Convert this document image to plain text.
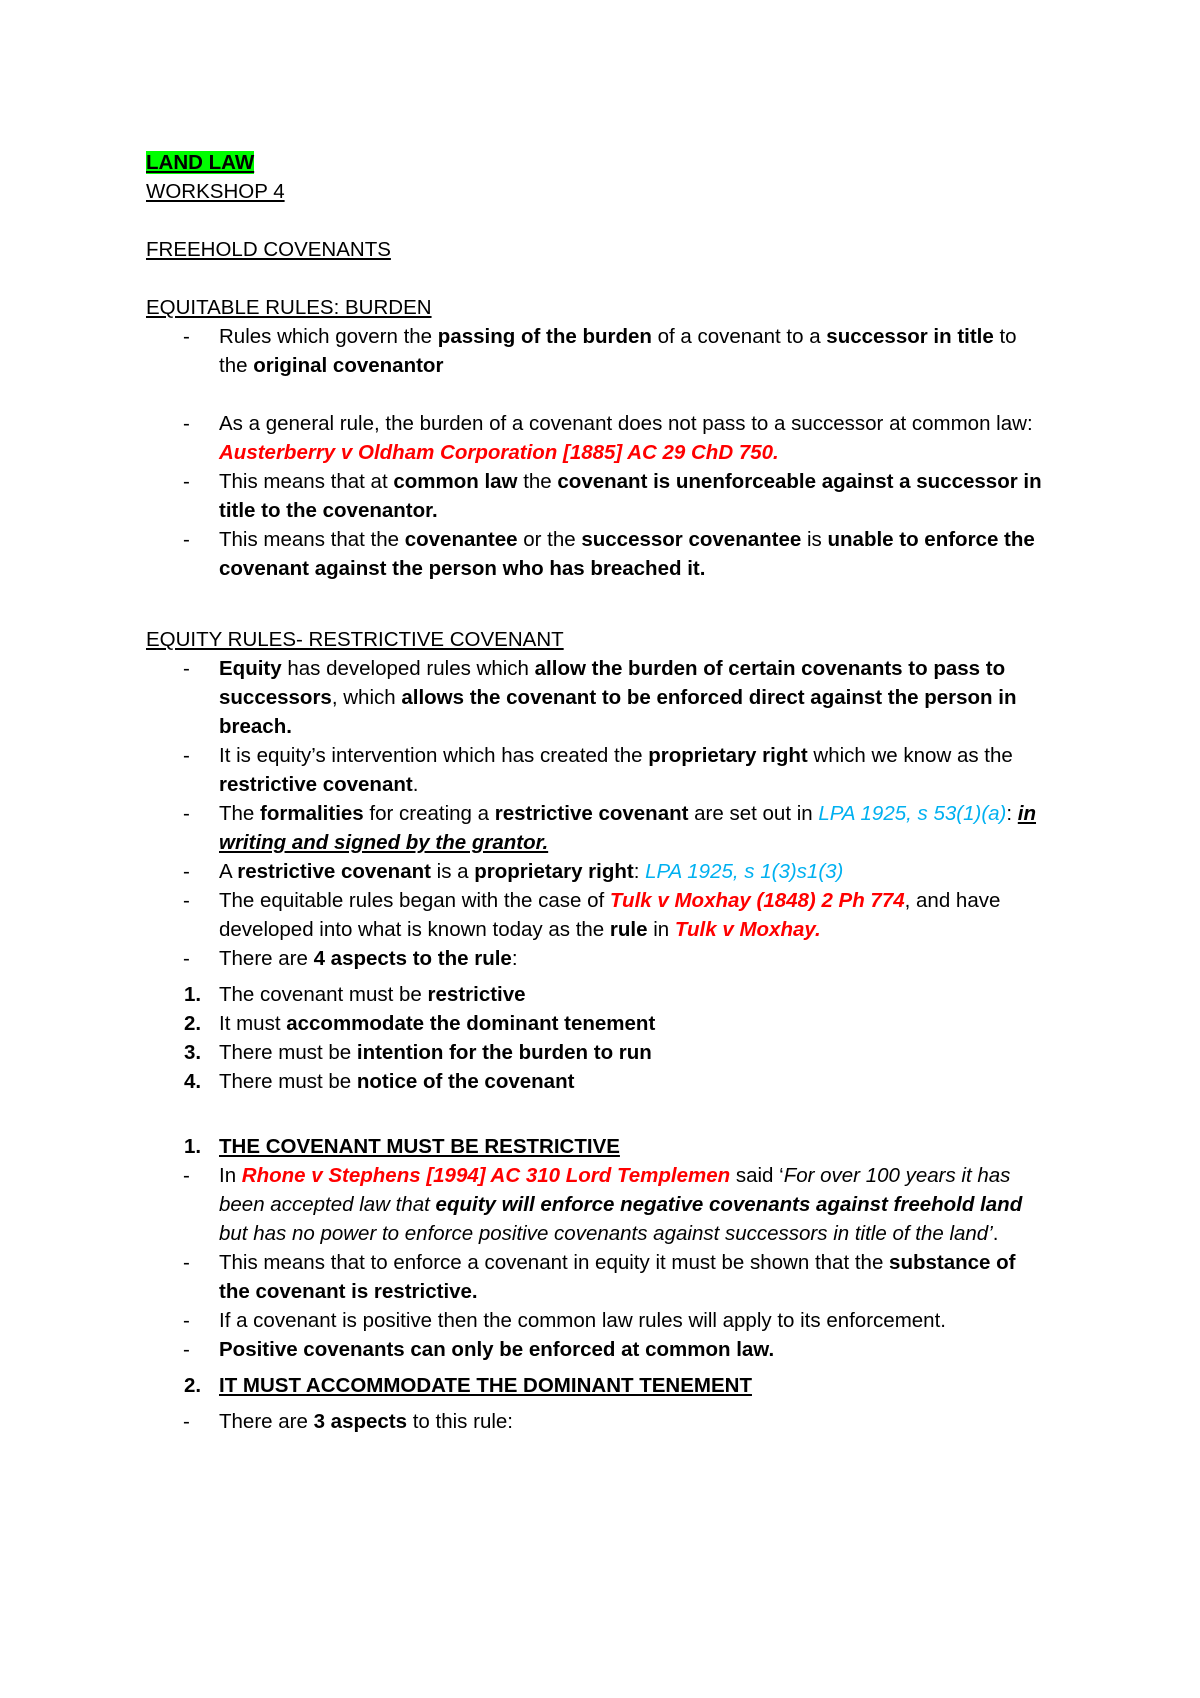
LAND LAW
WORKSHOP 4
FREEHOLD COVENANTS
EQUITABLE RULES: BURDEN
-	Rules which govern the passing of the burden of a covenant to a successor in title to the original covenantor
-	As a general rule, the burden of a covenant does not pass to a successor at common law: Austerberry v Oldham Corporation [1885] AC 29 ChD 750.
-	This means that at common law the covenant is unenforceable against a successor in title to the covenantor.
-	This means that the covenantee or the successor covenantee is unable to enforce the covenant against the person who has breached it.
EQUITY RULES- RESTRICTIVE COVENANT
-	Equity has developed rules which allow the burden of certain covenants to pass to successors, which allows the covenant to be enforced direct against the person in breach.
-	It is equity’s intervention which has created the proprietary right which we know as the restrictive covenant.
-	The formalities for creating a restrictive covenant are set out in LPA 1925, s 53(1)(a): in writing and signed by the grantor.
-	A restrictive covenant is a proprietary right: LPA 1925, s 1(3)s1(3)
-	The equitable rules began with the case of Tulk v Moxhay (1848) 2 Ph 774, and have developed into what is known today as the rule in Tulk v Moxhay.
-	There are 4 aspects to the rule:
1. The covenant must be restrictive
2. It must accommodate the dominant tenement
3. There must be intention for the burden to run
4. There must be notice of the covenant
1. THE COVENANT MUST BE RESTRICTIVE
-	In Rhone v Stephens [1994] AC 310 Lord Templemen said ‘For over 100 years it has been accepted law that equity will enforce negative covenants against freehold land but has no power to enforce positive covenants against successors in title of the land’.
-	This means that to enforce a covenant in equity it must be shown that the substance of the covenant is restrictive.
-	If a covenant is positive then the common law rules will apply to its enforcement.
-	Positive covenants can only be enforced at common law.
2. IT MUST ACCOMMODATE THE DOMINANT TENEMENT
-	There are 3 aspects to this rule:
